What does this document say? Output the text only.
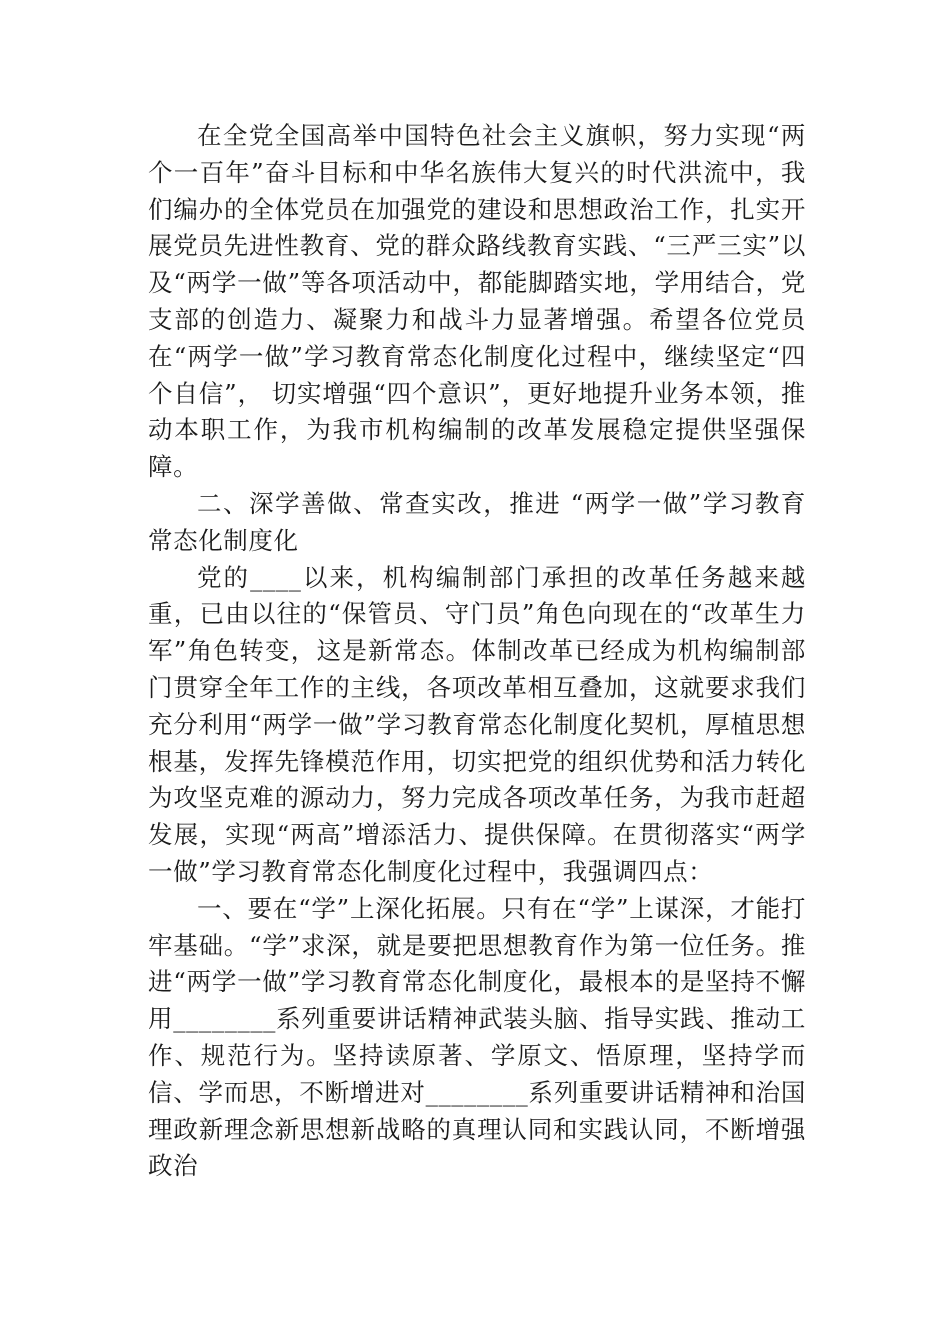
在全党全国高举中国特色社会主义旗帜，努力实现“两个一百年”奋斗目标和中华名族伟大复兴的时代洪流中，我们编办的全体党员在加强党的建设和思想政治工作，扎实开展党员先进性教育、党的群众路线教育实践、“三严三实”以及“两学一做”等各项活动中，都能脚踏实地，学用结合，党支部的创造力、凝聚力和战斗力显著增强。希望各位党员在“两学一做”学习教育常态化制度化过程中，继续坚定“四个自信”， 切实增强“四个意识”，更好地提升业务本领，推动本职工作，为我市机构编制的改革发展稳定提供坚强保障。

二、深学善做、常查实改，推进 “两学一做”学习教育常态化制度化

党的____以来，机构编制部门承担的改革任务越来越重，已由以往的“保管员、守门员”角色向现在的“改革生力军”角色转变，这是新常态。体制改革已经成为机构编制部门贯穿全年工作的主线，各项改革相互叠加，这就要求我们充分利用“两学一做”学习教育常态化制度化契机，厚植思想根基，发挥先锋模范作用，切实把党的组织优势和活力转化为攻坚克难的源动力，努力完成各项改革任务，为我市赶超发展，实现“两高”增添活力、提供保障。在贯彻落实“两学一做”学习教育常态化制度化过程中，我强调四点：

一、要在“学”上深化拓展。只有在“学”上谋深，才能打牢基础。“学”求深，就是要把思想教育作为第一位任务。推进“两学一做”学习教育常态化制度化，最根本的是坚持不懈用________系列重要讲话精神武装头脑、指导实践、推动工作、规范行为。坚持读原著、学原文、悟原理，坚持学而信、学而思，不断增进对________系列重要讲话精神和治国理政新理念新思想新战略的真理认同和实践认同，不断增强政治
